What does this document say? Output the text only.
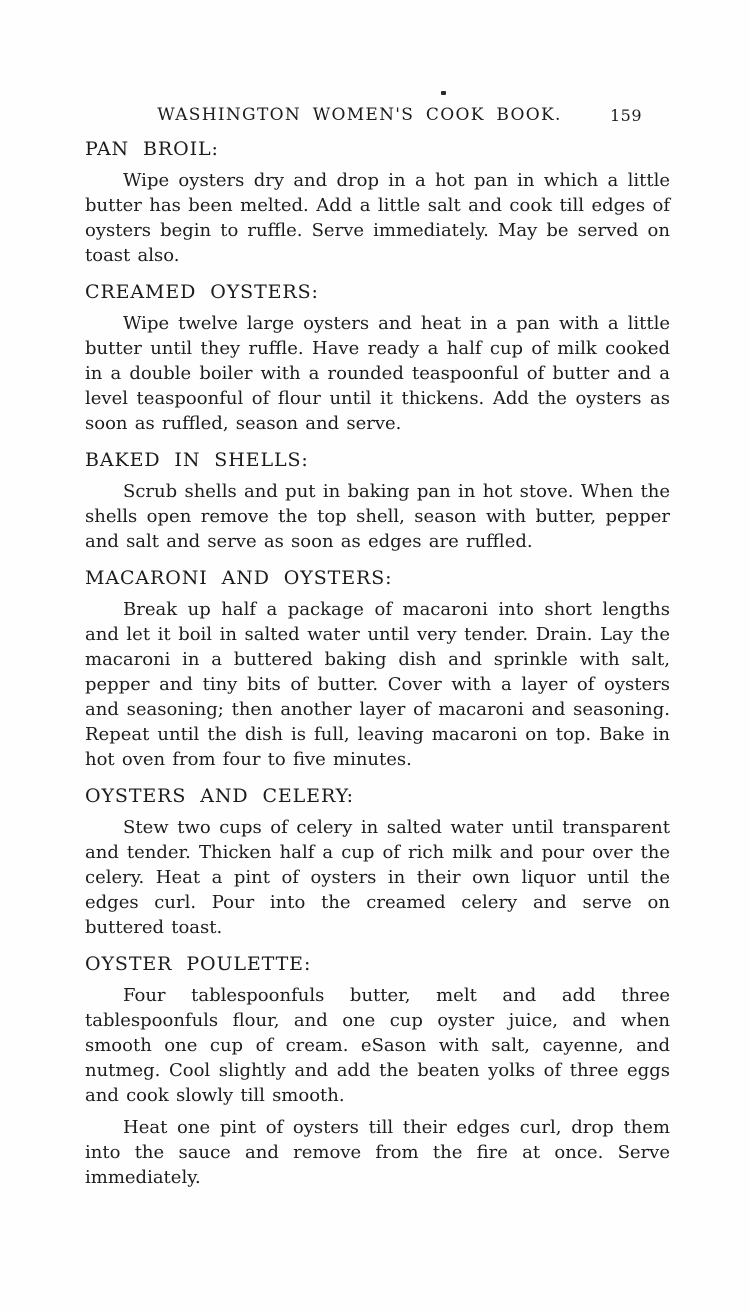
WASHINGTON WOMEN'S COOK BOOK.	159
PAN BROIL:

Wipe oysters dry and drop in a hot pan in which a little butter has been melted. Add a little salt and cook till edges of oysters begin to ruffle. Serve immediately. May be served on toast also.

CREAMED OYSTERS:

Wipe twelve large oysters and heat in a pan with a little butter until they ruffle. Have ready a half cup of milk cooked in a double boiler with a rounded teaspoonful of butter and a level teaspoonful of flour until it thickens. Add the oysters as soon as ruffled, season and serve.

BAKED IN SHELLS:

Scrub shells and put in baking pan in hot stove. When the shells open remove the top shell, season with butter, pepper and salt and serve as soon as edges are ruffled.

MACARONI AND OYSTERS:

Break up half a package of macaroni into short lengths and let it boil in salted water until very tender. Drain. Lay the macaroni in a buttered baking dish and sprinkle with salt, pepper and tiny bits of butter. Cover with a layer of oysters and seasoning; then another layer of macaroni and seasoning. Repeat until the dish is full, leaving macaroni on top. Bake in hot oven from four to five minutes.

OYSTERS AND CELERY:

Stew two cups of celery in salted water until transparent and tender. Thicken half a cup of rich milk and pour over the celery. Heat a pint of oysters in their own liquor until the edges curl. Pour into the creamed celery and serve on buttered toast.

OYSTER POULETTE:

Four tablespoonfuls butter, melt and add three tablespoonfuls flour, and one cup oyster juice, and when smooth one cup of cream. eSason with salt, cayenne, and nutmeg. Cool slightly and add the beaten yolks of three eggs and cook slowly till smooth.

Heat one pint of oysters till their edges curl, drop them into the sauce and remove from the fire at once. Serve immediately.
